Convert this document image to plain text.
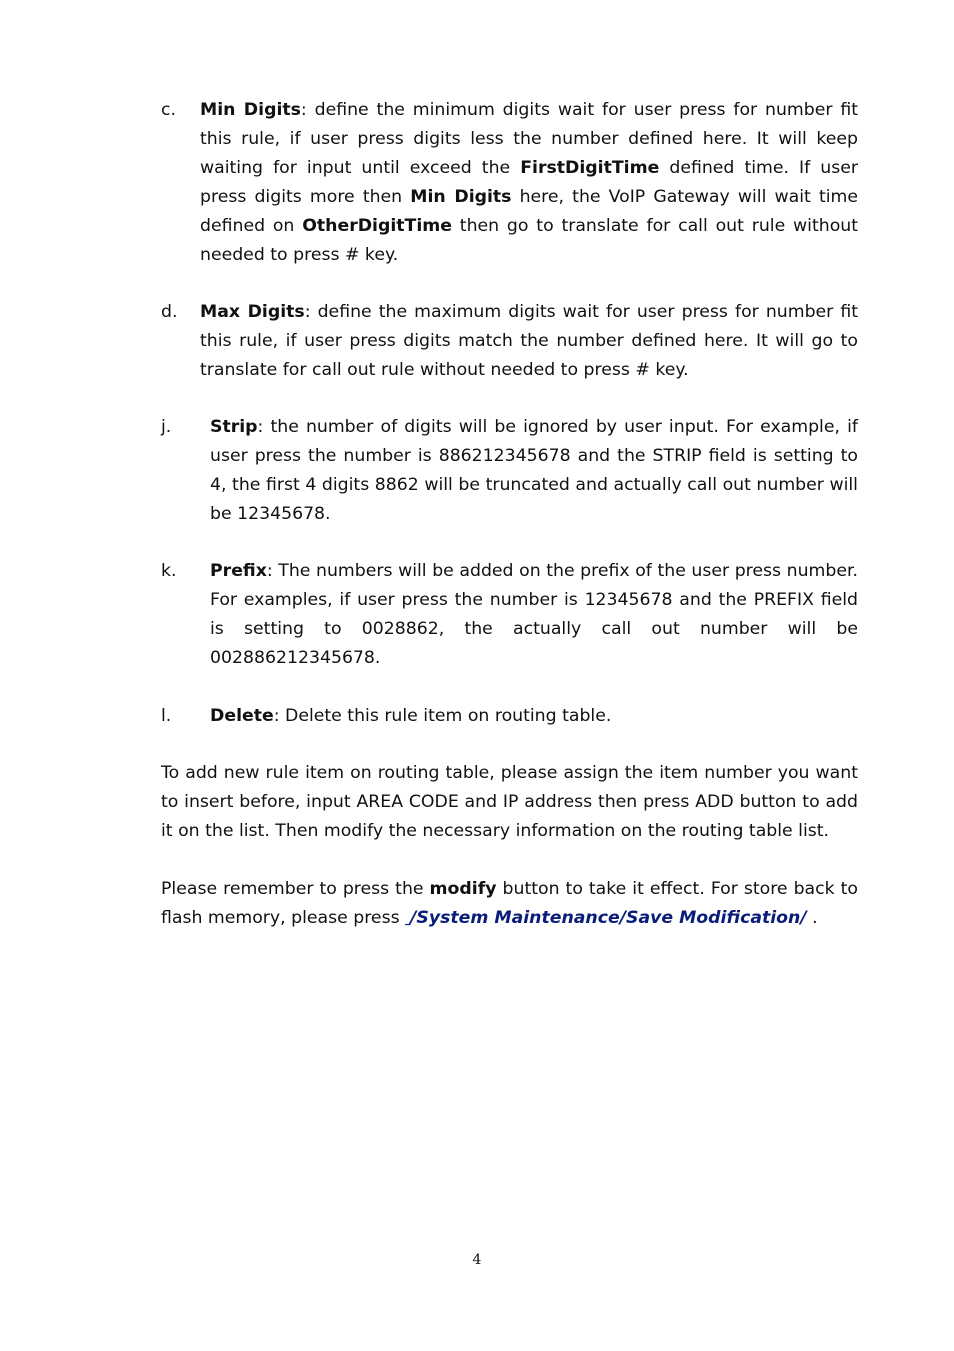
c. Min Digits: define the minimum digits wait for user press for number fit this rule, if user press digits less the number defined here. It will keep waiting for input until exceed the FirstDigitTime defined time. If user press digits more then Min Digits here, the VoIP Gateway will wait time defined on OtherDigitTime then go to translate for call out rule without needed to press # key.
d. Max Digits: define the maximum digits wait for user press for number fit this rule, if user press digits match the number defined here. It will go to translate for call out rule without needed to press # key.
j. Strip: the number of digits will be ignored by user input. For example, if user press the number is 886212345678 and the STRIP field is setting to 4, the first 4 digits 8862 will be truncated and actually call out number will be 12345678.
k. Prefix: The numbers will be added on the prefix of the user press number. For examples, if user press the number is 12345678 and the PREFIX field is setting to 0028862, the actually call out number will be 002886212345678.
l. Delete: Delete this rule item on routing table.
To add new rule item on routing table, please assign the item number you want to insert before, input AREA CODE and IP address then press ADD button to add it on the list. Then modify the necessary information on the routing table list.
Please remember to press the modify button to take it effect. For store back to flash memory, please press _/System Maintenance/Save Modification/ .
4
